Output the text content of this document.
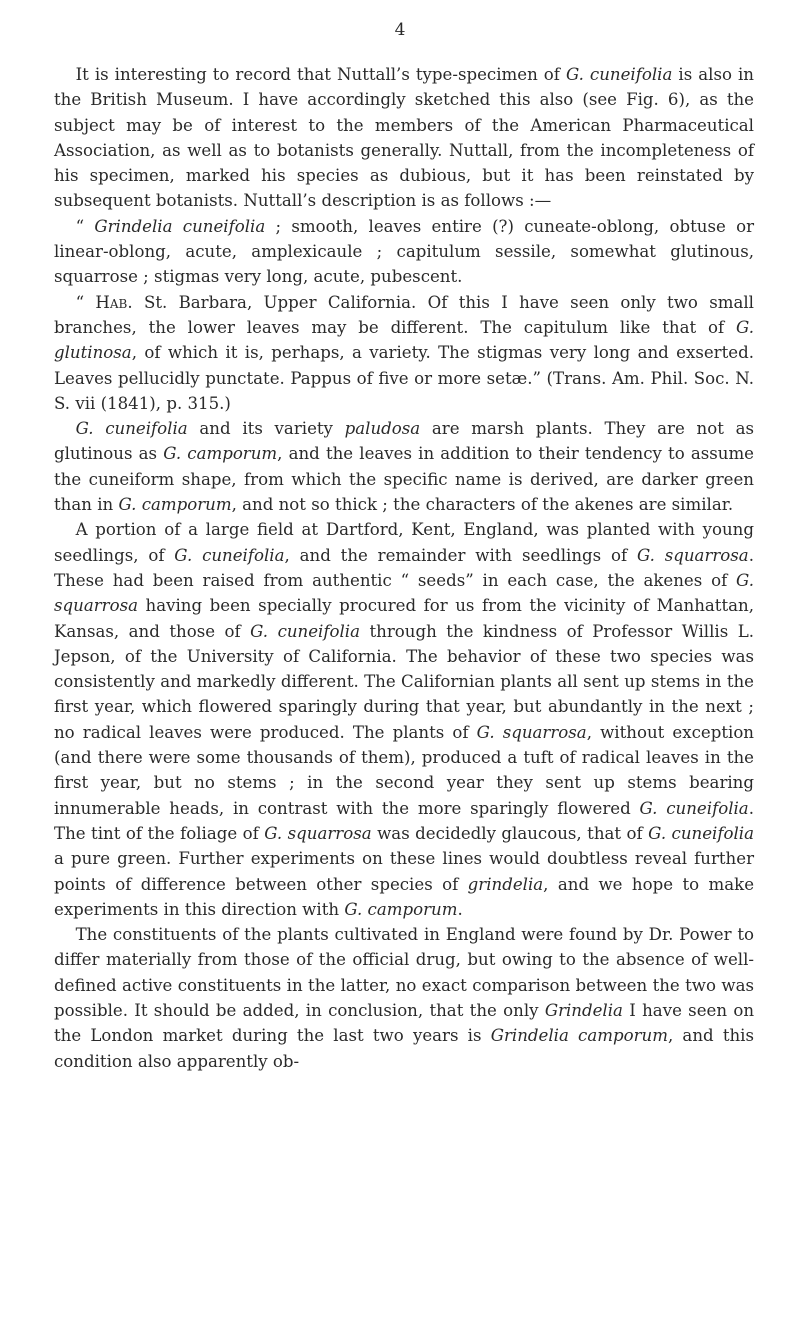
4

It is interesting to record that Nuttall’s type-specimen of G. cuneifolia is also in the British Museum. I have accordingly sketched this also (see Fig. 6), as the subject may be of interest to the members of the American Pharmaceutical Association, as well as to botanists generally. Nuttall, from the incompleteness of his specimen, marked his species as dubious, but it has been reinstated by subsequent botanists. Nuttall’s description is as follows :—

“ Grindelia cuneifolia ; smooth, leaves entire (?) cuneate-oblong, obtuse or linear-oblong, acute, amplexicaule ; capitulum sessile, somewhat glutinous, squarrose ; stigmas very long, acute, pubescent.

“ Hab. St. Barbara, Upper California. Of this I have seen only two small branches, the lower leaves may be different. The capitulum like that of G. glutinosa, of which it is, perhaps, a variety. The stigmas very long and exserted. Leaves pellucidly punctate. Pappus of five or more setæ.” (Trans. Am. Phil. Soc. N. S. vii (1841), p. 315.)

G. cuneifolia and its variety paludosa are marsh plants. They are not as glutinous as G. camporum, and the leaves in addition to their tendency to assume the cuneiform shape, from which the specific name is derived, are darker green than in G. camporum, and not so thick ; the characters of the akenes are similar.

A portion of a large field at Dartford, Kent, England, was planted with young seedlings, of G. cuneifolia, and the remainder with seedlings of G. squarrosa. These had been raised from authentic “ seeds” in each case, the akenes of G. squarrosa having been specially procured for us from the vicinity of Manhattan, Kansas, and those of G. cuneifolia through the kindness of Professor Willis L. Jepson, of the University of California. The behavior of these two species was consistently and markedly different. The Californian plants all sent up stems in the first year, which flowered sparingly during that year, but abundantly in the next ; no radical leaves were produced. The plants of G. squarrosa, without exception (and there were some thousands of them), produced a tuft of radical leaves in the first year, but no stems ; in the second year they sent up stems bearing innumerable heads, in contrast with the more sparingly flowered G. cuneifolia. The tint of the foliage of G. squarrosa was decidedly glaucous, that of G. cuneifolia a pure green. Further experiments on these lines would doubtless reveal further points of difference between other species of grindelia, and we hope to make experiments in this direction with G. camporum.

The constituents of the plants cultivated in England were found by Dr. Power to differ materially from those of the official drug, but owing to the absence of well-defined active constituents in the latter, no exact comparison between the two was possible. It should be added, in conclusion, that the only Grindelia I have seen on the London market during the last two years is Grindelia camporum, and this condition also apparently ob-
